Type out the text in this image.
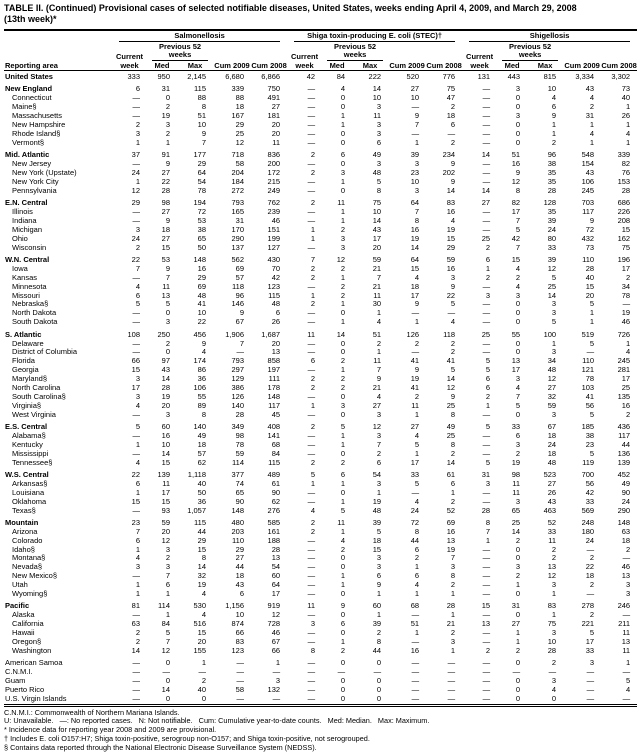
TABLE II. (Continued) Provisional cases of selected notifiable diseases, United States, weeks ending April 4, 2009, and March 29, 2008
(13th week)*

	Salmonellosis					Shiga toxin-producing E. coli (STEC)†					Shigellosis				

Reporting area	Current week	Previous 52 weeks		Cum 2009	Cum 2008	Current week	Previous 52 weeks		Cum 2009	Cum 2008	Current week	Previous 52 weeks		Cum 2009	Cum 2008
		Med	Max				Med	Max				Med	Max		
United States	333	950	2,145	6,680	6,866	42	84	222	520	776	131	443	815	3,334	3,302
New England	6	31	115	339	750	—	4	14	27	75	—	3	10	43	73
Connecticut	—	0	88	88	491	—	0	10	10	47	—	0	4	4	40
Maine§	—	2	8	18	27	—	0	3	—	2	—	0	6	2	1
Massachusetts	—	19	51	167	181	—	1	11	9	18	—	3	9	31	26
New Hampshire	2	3	10	29	20	—	1	3	7	6	—	0	1	1	1
Rhode Island§	3	2	9	25	20	—	0	3	—	—	—	0	1	4	4
Vermont§	1	1	7	12	11	—	0	6	1	2	—	0	2	1	1
Mid. Atlantic	37	91	177	718	836	2	6	49	39	234	14	51	96	548	339
New Jersey	—	9	29	58	200	—	0	3	3	9	—	16	38	154	82
New York (Upstate)	24	27	64	204	172	2	3	48	23	202	—	9	35	43	76
New York City	1	22	54	184	215	—	1	5	10	9	—	12	35	106	153
Pennsylvania	12	28	78	272	249	—	0	8	3	14	14	8	28	245	28
E.N. Central	29	98	194	793	762	2	11	75	64	83	27	82	128	703	686
Illinois	—	27	72	165	239	—	1	10	7	16	—	17	35	117	226
Indiana	—	9	53	31	46	—	1	14	8	4	—	7	39	9	208
Michigan	3	18	38	170	151	1	2	43	16	19	—	5	24	72	15
Ohio	24	27	65	290	199	1	3	17	19	15	25	42	80	432	162
Wisconsin	2	15	50	137	127	—	3	20	14	29	2	7	33	73	75
W.N. Central	22	53	148	562	430	7	12	59	64	59	6	15	39	110	196
Iowa	7	9	16	69	70	2	2	21	15	16	1	4	12	28	17
Kansas	—	7	29	57	42	2	1	7	4	3	2	2	5	40	2
Minnesota	4	11	69	118	123	—	2	21	18	9	—	4	25	15	34
Missouri	6	13	48	96	115	1	2	11	17	22	3	3	14	20	78
Nebraska§	5	5	41	146	48	2	1	30	9	5	—	0	3	5	—
North Dakota	—	0	10	9	6	—	0	1	—	—	—	0	3	1	19
South Dakota	—	3	22	67	26	—	1	4	1	4	—	0	5	1	46
S. Atlantic	108	250	456	1,906	1,687	11	14	51	126	118	25	55	100	519	726
Delaware	—	2	9	7	20	—	0	2	2	2	—	0	1	5	1
District of Columbia	—	0	4	—	13	—	0	1	—	2	—	0	3	—	4
Florida	66	97	174	793	858	6	2	11	41	41	5	13	34	110	245
Georgia	15	43	86	297	197	—	1	7	9	5	5	17	48	121	281
Maryland§	3	14	36	129	111	2	2	9	19	14	6	3	12	78	17
North Carolina	17	28	106	386	178	2	2	21	41	12	6	4	27	103	25
South Carolina§	3	19	55	126	148	—	0	4	2	9	2	7	32	41	135
Virginia§	4	20	89	140	117	1	3	27	11	25	1	5	59	56	16
West Virginia	—	3	8	28	45	—	0	3	1	8	—	0	3	5	2
E.S. Central	5	60	140	349	408	2	5	12	27	49	5	33	67	185	436
Alabama§	—	16	49	98	141	—	1	3	4	25	—	6	18	38	117
Kentucky	1	10	18	78	68	—	1	7	5	8	—	3	24	23	44
Mississippi	—	14	57	59	84	—	0	2	1	2	—	2	18	5	136
Tennessee§	4	15	62	114	115	2	2	6	17	14	5	19	48	119	139
W.S. Central	22	139	1,118	377	489	5	6	54	33	61	31	98	523	700	452
Arkansas§	6	11	40	74	61	1	1	3	5	6	3	11	27	56	49
Louisiana	1	17	50	65	90	—	0	1	—	1	—	11	26	42	90
Oklahoma	15	15	36	90	62	—	1	19	4	2	—	3	43	33	24
Texas§	—	93	1,057	148	276	4	5	48	24	52	28	65	463	569	290
Mountain	23	59	115	480	585	2	11	39	72	69	8	25	52	248	148
Arizona	7	20	44	203	161	2	1	5	8	16	7	14	33	180	63
Colorado	6	12	29	110	188	—	4	18	44	13	1	2	11	24	18
Idaho§	1	3	15	29	28	—	2	15	6	19	—	0	2	—	2
Montana§	4	2	8	27	13	—	0	3	2	7	—	0	2	2	—
Nevada§	3	3	14	44	54	—	0	3	1	3	—	3	13	22	46
New Mexico§	—	7	32	18	60	—	1	6	6	8	—	2	12	18	13
Utah	1	6	19	43	64	—	1	9	4	2	—	1	3	2	3
Wyoming§	1	1	4	6	17	—	0	1	1	1	—	0	1	—	3
Pacific	81	114	530	1,156	919	11	9	60	68	28	15	31	83	278	246
Alaska	—	1	4	10	12	—	0	1	—	1	—	0	1	2	—
California	63	84	516	874	728	3	6	39	51	21	13	27	75	221	211
Hawaii	2	5	15	66	46	—	0	2	1	2	—	1	3	5	11
Oregon§	2	7	20	83	67	—	1	8	—	3	—	1	10	17	13
Washington	14	12	155	123	66	8	2	44	16	1	2	2	28	33	11
American Samoa	—	0	1	—	1	—	0	0	—	—	—	0	2	3	1
C.N.M.I.	—	—	—	—	—	—	—	—	—	—	—	—	—	—	—
Guam	—	0	2	—	3	—	0	0	—	—	—	0	3	—	5
Puerto Rico	—	14	40	58	132	—	0	0	—	—	—	0	4	—	4
U.S. Virgin Islands	—	0	0	—	—	—	0	0	—	—	—	0	0	—	—
C.N.M.I.: Commonwealth of Northern Mariana Islands.
U: Unavailable.   —: No reported cases.   N: Not notifiable.   Cum: Cumulative year-to-date counts.   Med: Median.   Max: Maximum.
* Incidence data for reporting year 2008 and 2009 are provisional.
† Includes E. coli O157:H7; Shiga toxin-positive, serogroup non-O157; and Shiga toxin-positive, not serogrouped.
§ Contains data reported through the National Electronic Disease Surveillance System (NEDSS).
